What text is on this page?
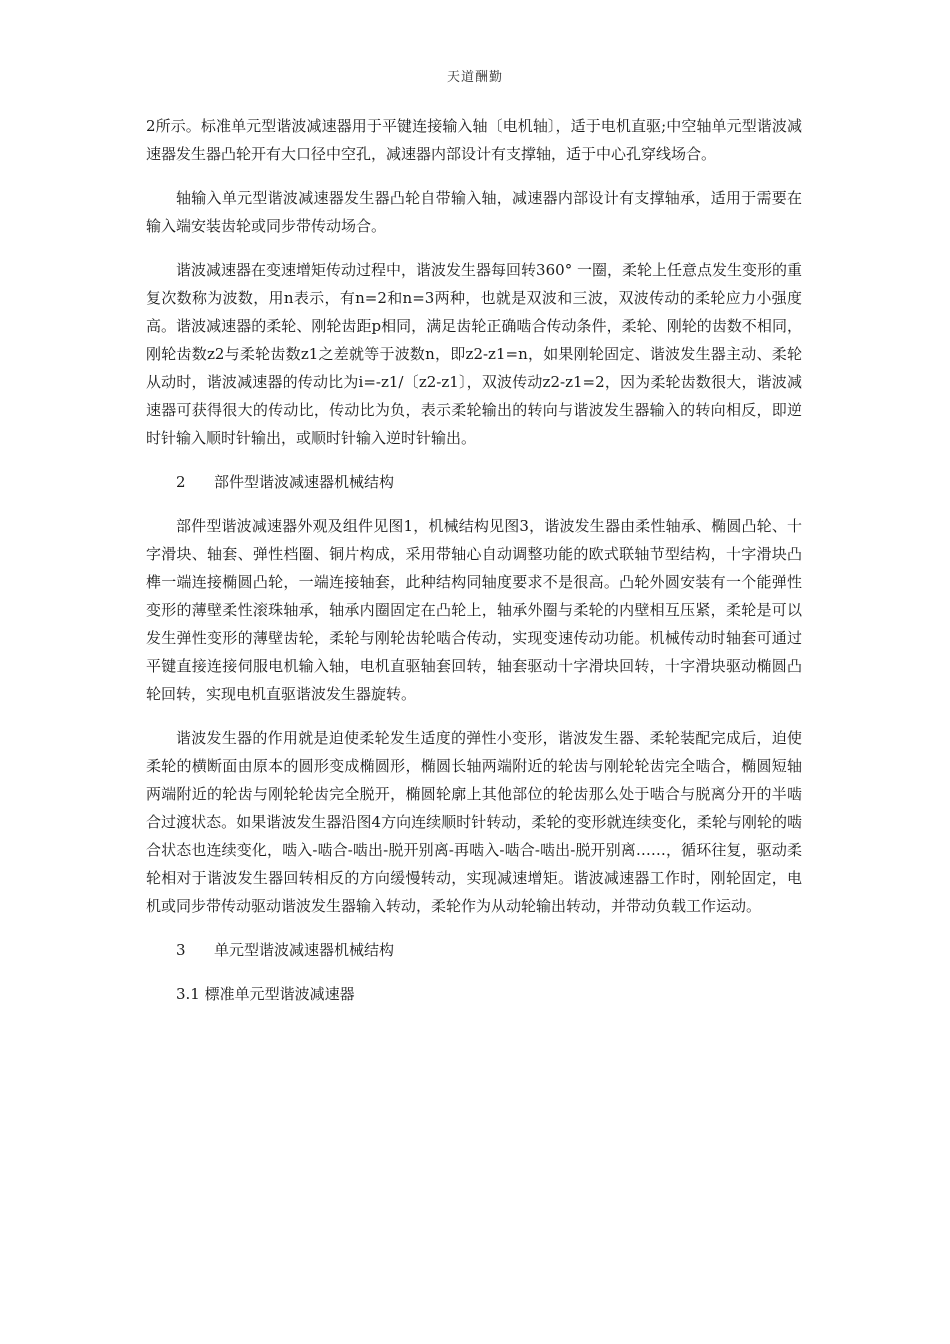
天道酬勤

2所示。标准单元型谐波减速器用于平键连接输入轴〔电机轴〕，适于电机直驱;中空轴单元型谐波减速器发生器凸轮开有大口径中空孔，减速器内部设计有支撑轴，适于中心孔穿线场合。

轴输入单元型谐波减速器发生器凸轮自带输入轴，减速器内部设计有支撑轴承，适用于需要在输入端安装齿轮或同步带传动场合。

谐波减速器在变速增矩传动过程中，谐波发生器每回转360° 一圈，柔轮上任意点发生变形的重复次数称为波数，用n表示，有n=2和n=3两种，也就是双波和三波，双波传动的柔轮应力小强度高。谐波减速器的柔轮、刚轮齿距p相同，满足齿轮正确啮合传动条件，柔轮、刚轮的齿数不相同，刚轮齿数z2与柔轮齿数z1之差就等于波数n，即z2-z1=n，如果刚轮固定、谐波发生器主动、柔轮从动时，谐波减速器的传动比为i=-z1/〔z2-z1〕，双波传动z2-z1=2，因为柔轮齿数很大，谐波减速器可获得很大的传动比，传动比为负，表示柔轮输出的转向与谐波发生器输入的转向相反，即逆时针输入顺时针输出，或顺时针输入逆时针输出。

2 部件型谐波减速器机械结构

部件型谐波减速器外观及组件见图1，机械结构见图3，谐波发生器由柔性轴承、椭圆凸轮、十字滑块、轴套、弹性档圈、铜片构成，采用带轴心自动调整功能的欧式联轴节型结构，十字滑块凸榫一端连接椭圆凸轮，一端连接轴套，此种结构同轴度要求不是很高。凸轮外圆安装有一个能弹性变形的薄壁柔性滚珠轴承，轴承内圈固定在凸轮上，轴承外圈与柔轮的内壁相互压紧，柔轮是可以发生弹性变形的薄壁齿轮，柔轮与刚轮齿轮啮合传动，实现变速传动功能。机械传动时轴套可通过平键直接连接伺服电机输入轴，电机直驱轴套回转，轴套驱动十字滑块回转，十字滑块驱动椭圆凸轮回转，实现电机直驱谐波发生器旋转。

谐波发生器的作用就是迫使柔轮发生适度的弹性小变形，谐波发生器、柔轮装配完成后，迫使柔轮的横断面由原本的圆形变成椭圆形，椭圆长轴两端附近的轮齿与刚轮轮齿完全啮合，椭圆短轴两端附近的轮齿与刚轮轮齿完全脱开，椭圆轮廓上其他部位的轮齿那么处于啮合与脱离分开的半啮合过渡状态。如果谐波发生器沿图4方向连续顺时针转动，柔轮的变形就连续变化，柔轮与刚轮的啮合状态也连续变化，啮入-啮合-啮出-脱开别离-再啮入-啮合-啮出-脱开别离……，循环往复，驱动柔轮相对于谐波发生器回转相反的方向缓慢转动，实现减速增矩。谐波减速器工作时，刚轮固定，电机或同步带传动驱动谐波发生器输入转动，柔轮作为从动轮输出转动，并带动负载工作运动。

3 单元型谐波减速器机械结构

3.1 標准单元型谐波减速器
